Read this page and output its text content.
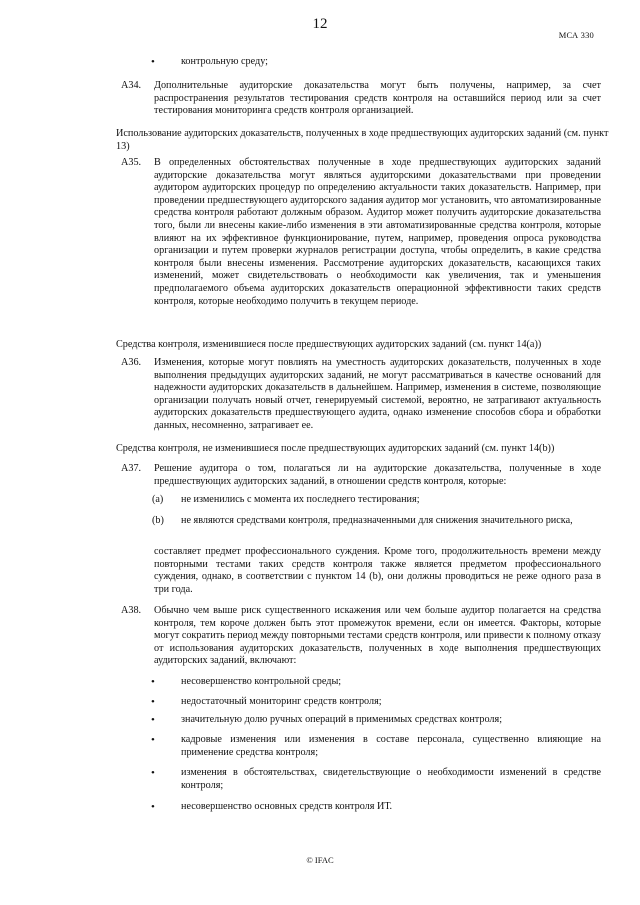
12
МСА 330
•	контрольную среду;
A34. Дополнительные аудиторские доказательства могут быть получены, например, за счет распространения результатов тестирования средств контроля на оставшийся период или за счет тестирования мониторинга средств контроля организацией.
Использование аудиторских доказательств, полученных в ходе предшествующих аудиторских заданий (см. пункт 13)
A35. В определенных обстоятельствах полученные в ходе предшествующих аудиторских заданий аудиторские доказательства могут являться аудиторскими доказательствами при проведении аудитором аудиторских процедур по определению актуальности таких доказательств. Например, при проведении предшествующего аудиторского задания аудитор мог установить, что автоматизированные средства контроля работают должным образом. Аудитор может получить аудиторские доказательства того, были ли внесены какие-либо изменения в эти автоматизированные средства контроля, которые влияют на их эффективное функционирование, путем, например, проведения опроса руководства организации и путем проверки журналов регистрации доступа, чтобы определить, в какие средства контроля были внесены изменения. Рассмотрение аудиторских доказательств, касающихся таких изменений, может свидетельствовать о необходимости как увеличения, так и уменьшения предполагаемого объема аудиторских доказательств операционной эффективности таких средств контроля, которые необходимо получить в текущем периоде.
Средства контроля, изменившиеся после предшествующих аудиторских заданий (см. пункт 14(a))
A36. Изменения, которые могут повлиять на уместность аудиторских доказательств, полученных в ходе выполнения предыдущих аудиторских заданий, не могут рассматриваться в качестве оснований для надежности аудиторских доказательств в дальнейшем. Например, изменения в системе, позволяющие организации получать новый отчет, генерируемый системой, вероятно, не затрагивают актуальность аудиторских доказательств предшествующего аудита, однако изменение способов сбора и обработки данных, несомненно, затрагивает ее.
Средства контроля, не изменившиеся после предшествующих аудиторских заданий (см. пункт 14(b))
A37. Решение аудитора о том, полагаться ли на аудиторские доказательства, полученные в ходе предшествующих аудиторских заданий, в отношении средств контроля, которые:
(a) не изменились с момента их последнего тестирования;
(b) не являются средствами контроля, предназначенными для снижения значительного риска,
составляет предмет профессионального суждения. Кроме того, продолжительность времени между повторными тестами таких средств контроля также является предметом профессионального суждения, однако, в соответствии с пунктом 14 (b), они должны проводиться не реже одного раза в три года.
A38. Обычно чем выше риск существенного искажения или чем больше аудитор полагается на средства контроля, тем короче должен быть этот промежуток времени, если он имеется. Факторы, которые могут сократить период между повторными тестами средств контроля, или привести к полному отказу от использования аудиторских доказательств, полученных в ходе выполнения предшествующих аудиторских заданий, включают:
•	несовершенство контрольной среды;
•	недостаточный мониторинг средств контроля;
•	значительную долю ручных операций в применимых средствах контроля;
•	кадровые изменения или изменения в составе персонала, существенно влияющие на применение средства контроля;
•	изменения в обстоятельствах, свидетельствующие о необходимости изменений в средстве контроля;
•	несовершенство основных средств контроля ИТ.
© IFAC
